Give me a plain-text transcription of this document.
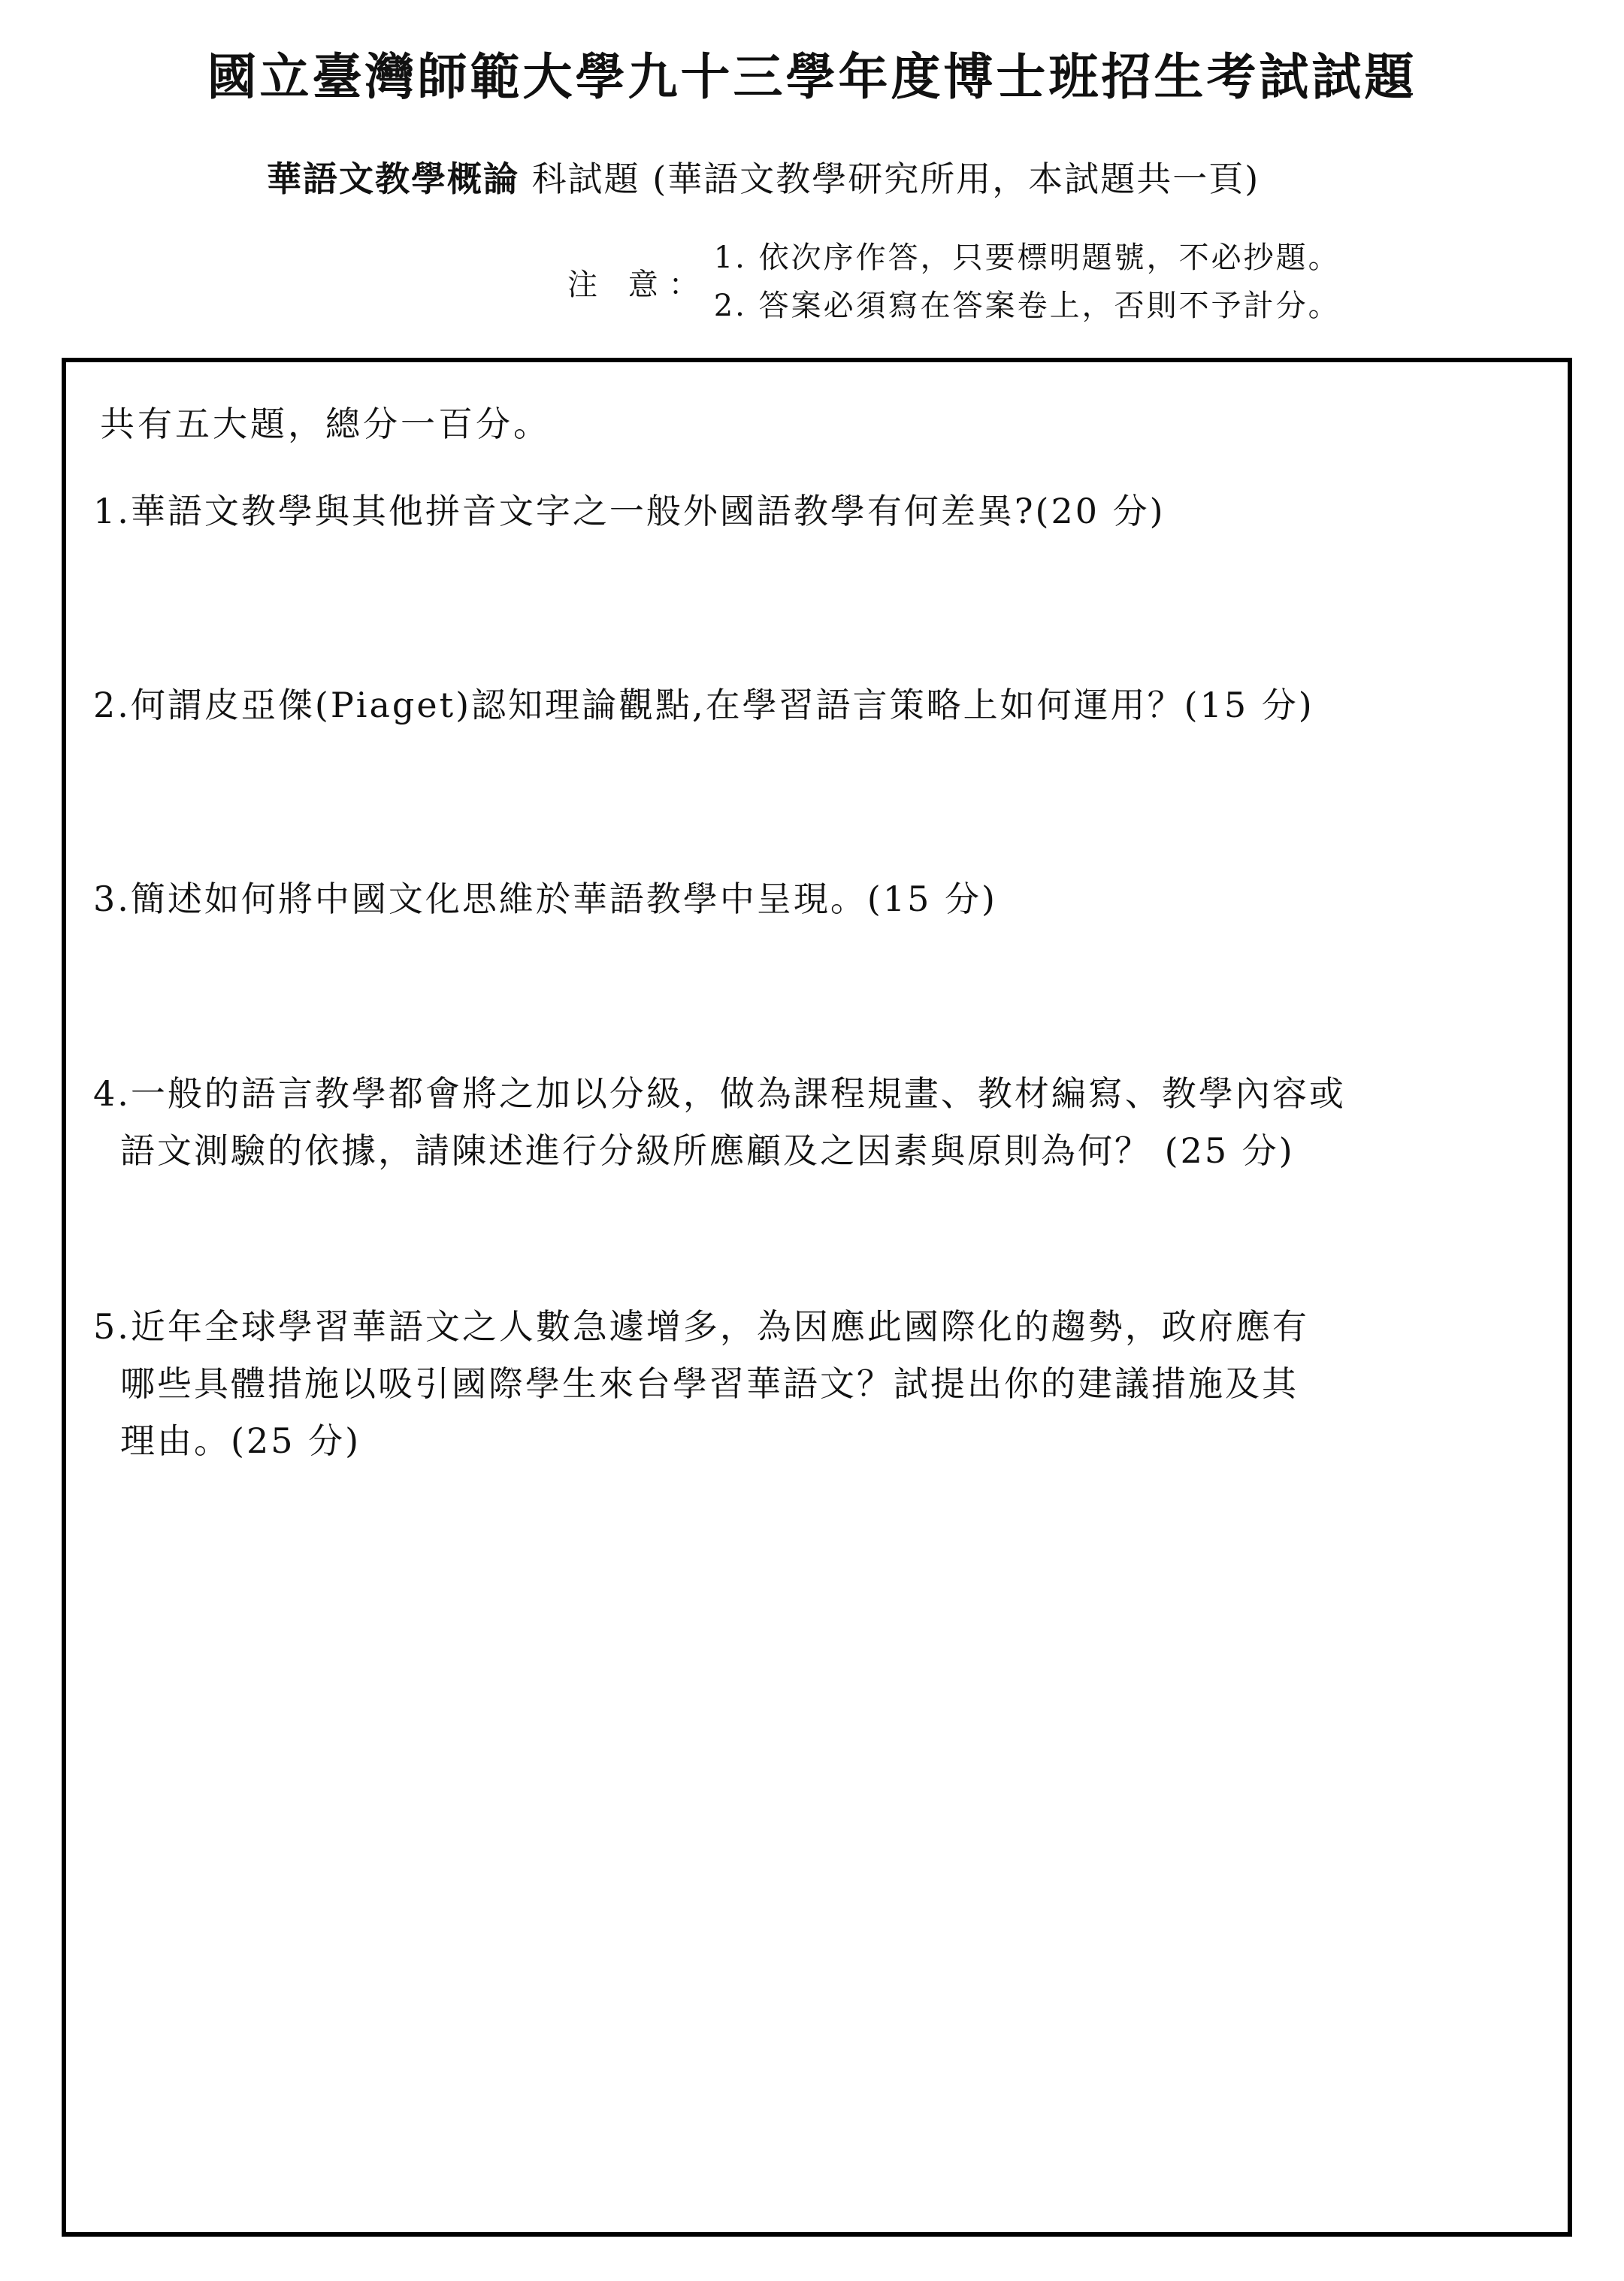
國立臺灣師範大學九十三學年度博士班招生考試試題
華語文教學概論 科試題 (華語文教學研究所用，本試題共一頁)
注 意：
1. 依次序作答，只要標明題號，不必抄題。
2. 答案必須寫在答案卷上，否則不予計分。
共有五大題，總分一百分。
1.華語文教學與其他拼音文字之一般外國語教學有何差異?(20 分)
2.何謂皮亞傑(Piaget)認知理論觀點,在學習語言策略上如何運用？(15 分)
3.簡述如何將中國文化思維於華語教學中呈現。(15 分)
4.一般的語言教學都會將之加以分級，做為課程規畫、教材編寫、教學內容或
語文測驗的依據，請陳述進行分級所應顧及之因素與原則為何？ (25 分)
5.近年全球學習華語文之人數急遽增多，為因應此國際化的趨勢，政府應有
哪些具體措施以吸引國際學生來台學習華語文？試提出你的建議措施及其
理由。(25 分)
